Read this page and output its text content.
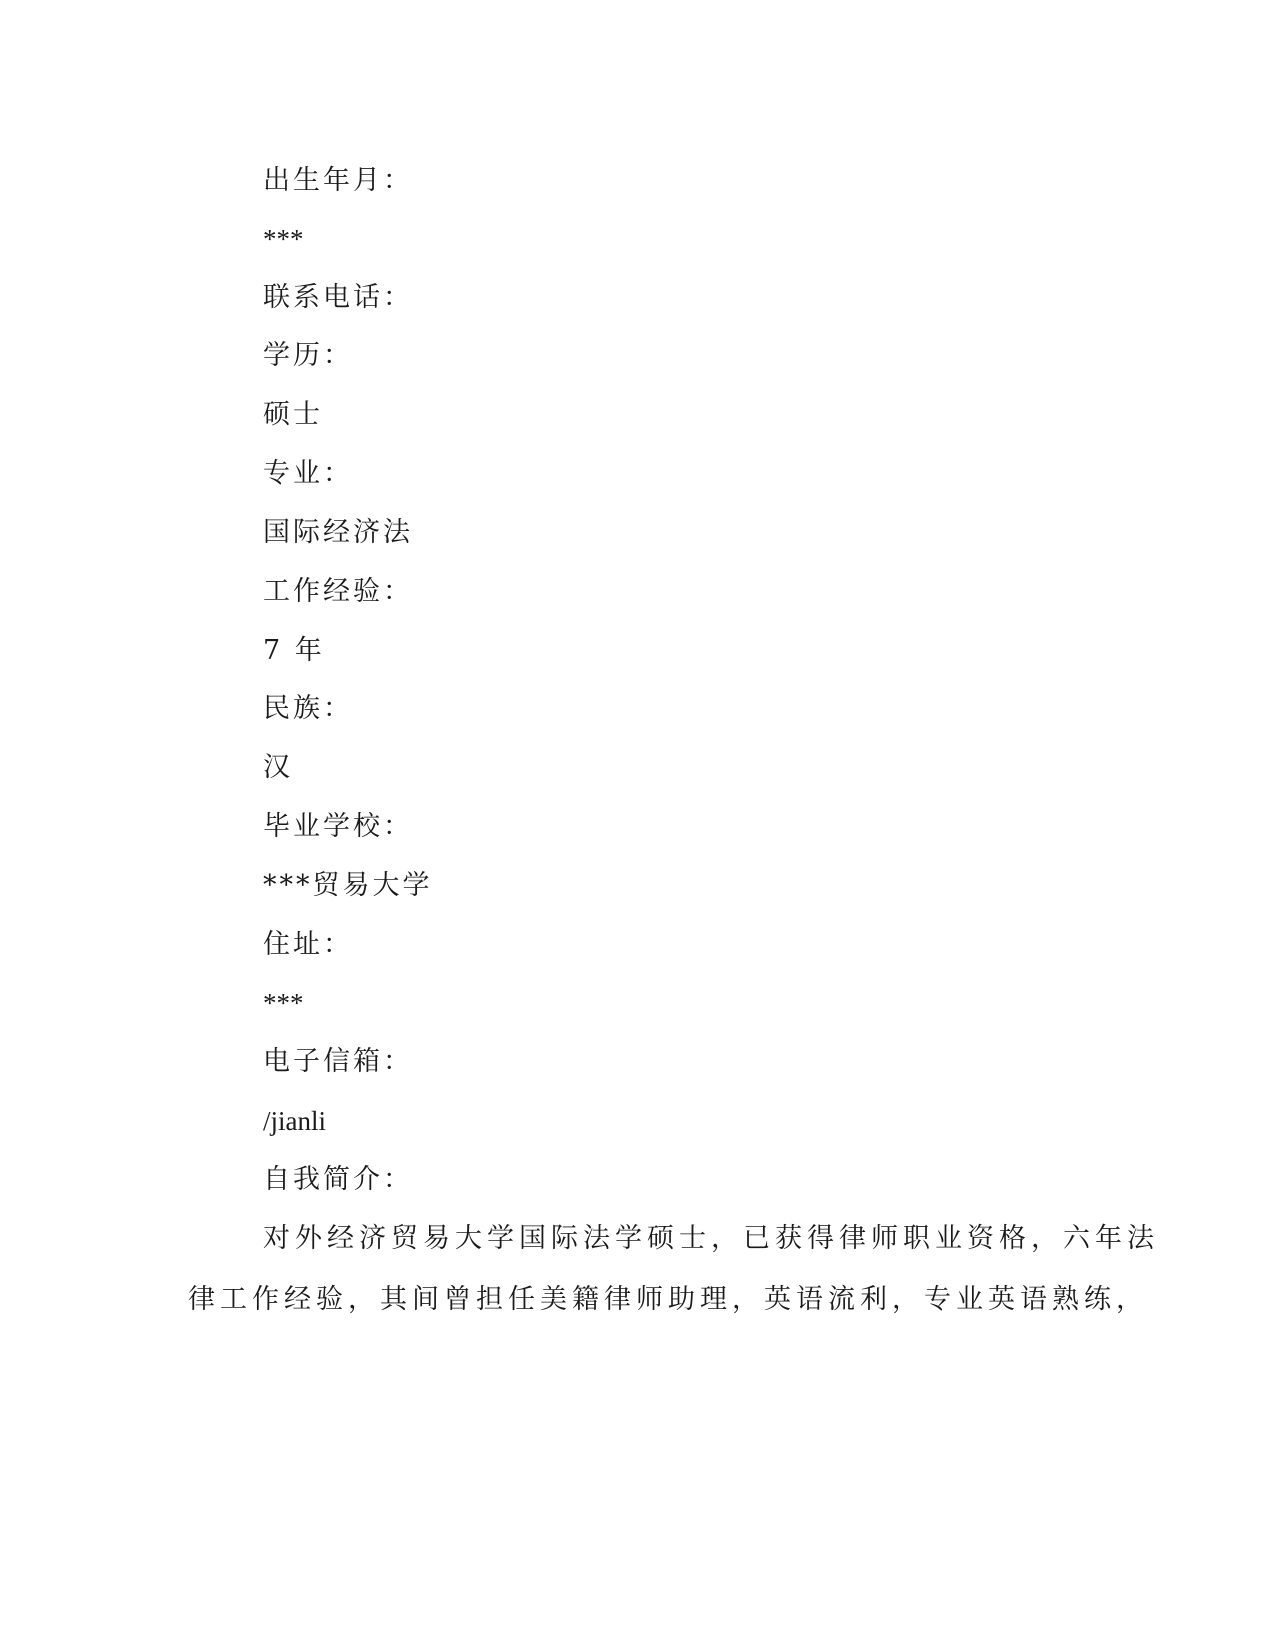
出生年月：
***
联系电话：
学历：
硕士
专业：
国际经济法
工作经验：
7 年
民族：
汉
毕业学校：
***贸易大学
住址：
***
电子信箱：
/jianli
自我简介：
对外经济贸易大学国际法学硕士，已获得律师职业资格，六年法
律工作经验，其间曾担任美籍律师助理，英语流利，专业英语熟练，
